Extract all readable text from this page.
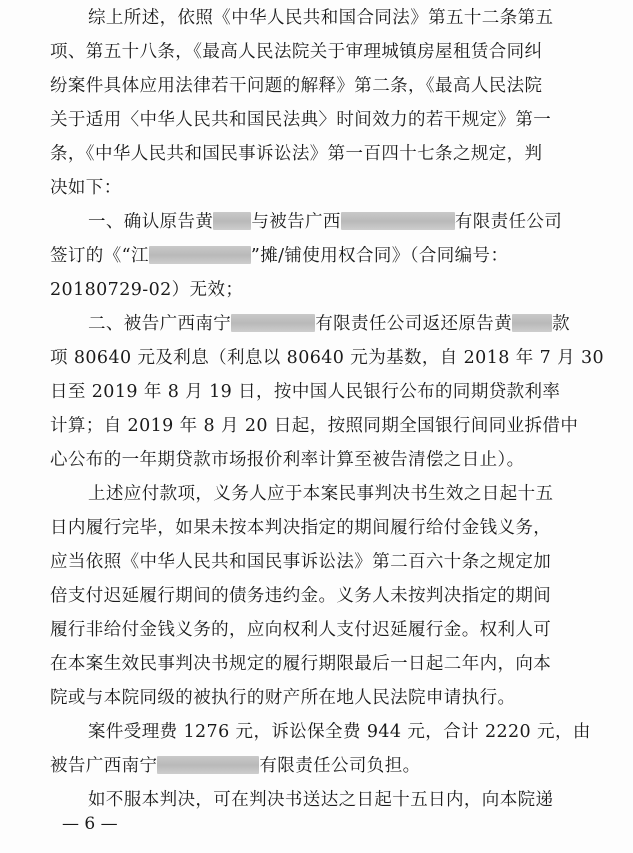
综上所述，依照《中华人民共和国合同法》第五十二条第五
项、第五十八条，《最高人民法院关于审理城镇房屋租赁合同纠
纷案件具体应用法律若干问题的解释》第二条，《最高人民法院
关于适用〈中华人民共和国民法典〉时间效力的若干规定》第一
条，《中华人民共和国民事诉讼法》第一百四十七条之规定，判
决如下：
一、确认原告黄 与被告广西	有限责任公司
签订的《“江	”摊/铺使用权合同》（合同编号：
20180729-02）无效；
二、被告广西南宁	有限责任公司返还原告黄 款
项 80640 元及利息（利息以 80640 元为基数，自 2018 年 7 月 30
日至 2019 年 8 月 19 日，按中国人民银行公布的同期贷款利率
计算；自 2019 年 8 月 20 日起，按照同期全国银行间同业拆借中
心公布的一年期贷款市场报价利率计算至被告清偿之日止）。
上述应付款项，义务人应于本案民事判决书生效之日起十五
日内履行完毕，如果未按本判决指定的期间履行给付金钱义务，
应当依照《中华人民共和国民事诉讼法》第二百六十条之规定加
倍支付迟延履行期间的债务违约金。义务人未按判决指定的期间
履行非给付金钱义务的，应向权利人支付迟延履行金。权利人可
在本案生效民事判决书规定的履行期限最后一日起二年内，向本
院或与本院同级的被执行的财产所在地人民法院申请执行。
案件受理费 1276 元，诉讼保全费 944 元，合计 2220 元，由
被告广西南宁	有限责任公司负担。
如不服本判决，可在判决书送达之日起十五日内，向本院递
— 6 —
